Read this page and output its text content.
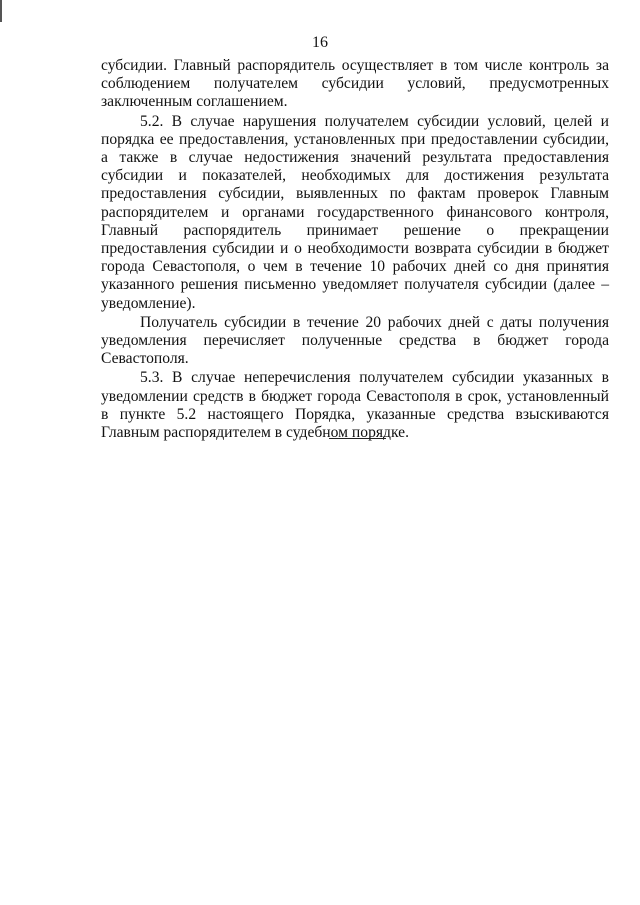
16

субсидии. Главный распорядитель осуществляет в том числе контроль за соблюдением получателем субсидии условий, предусмотренных заключенным соглашением.

5.2. В случае нарушения получателем субсидии условий, целей и порядка ее предоставления, установленных при предоставлении субсидии, а также в случае недостижения значений результата предоставления субсидии и показателей, необходимых для достижения результата предоставления субсидии, выявленных по фактам проверок Главным распорядителем и органами государственного финансового контроля, Главный распорядитель принимает решение о прекращении предоставления субсидии и о необходимости возврата субсидии в бюджет города Севастополя, о чем в течение 10 рабочих дней со дня принятия указанного решения письменно уведомляет получателя субсидии (далее – уведомление).

Получатель субсидии в течение 20 рабочих дней с даты получения уведомления перечисляет полученные средства в бюджет города Севастополя.

5.3. В случае неперечисления получателем субсидии указанных в уведомлении средств в бюджет города Севастополя в срок, установленный в пункте 5.2 настоящего Порядка, указанные средства взыскиваются Главным распорядителем в судебном порядке.
